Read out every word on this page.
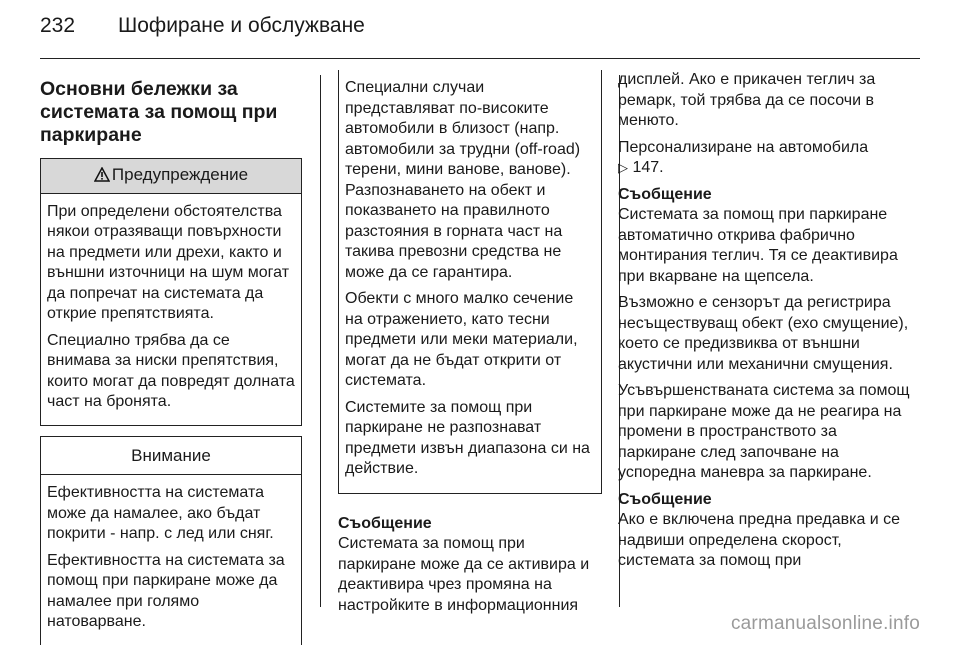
232 Шофиране и обслужване
Основни бележки за системата за помощ при паркиране
Предупреждение

При определени обстоятелства някои отразяващи повърхности на предмети или дрехи, както и външни източници на шум могат да попречат на системата да открие препятствията.

Специално трябва да се внимава за ниски препятствия, които могат да повредят долната част на бронята.

Внимание

Ефективността на системата може да намалее, ако бъдат покрити - напр. с лед или сняг.

Ефективността на системата за помощ при паркиране може да намалее при голямо натоварване.

Специални случаи представляват по-високите автомобили в близост (напр. автомобили за трудни (off-road) терени, мини ванове, ванове). Разпознаването на обект и показването на правилното разстояния в горната част на такива превозни средства не може да се гарантира.

Обекти с много малко сечение на отражението, като тесни предмети или меки материали, могат да не бъдат открити от системата.

Системите за помощ при паркиране не разпознават предмети извън диапазона си на действие.

Съобщение

Системата за помощ при паркиране може да се активира и деактивира чрез промяна на настройките в информационния

дисплей. Ако е прикачен теглич за ремарк, той трябва да се посочи в менюто.

Персонализиране на автомобила
▷ 147.

Съобщение

Системата за помощ при паркиране автоматично открива фабрично монтирания теглич. Тя се деактивира при вкарване на щепсела.

Възможно е сензорът да регистрира несъществуващ обект (ехо смущение), което се предизвиква от външни акустични или механични смущения.

Усъвършенстваната система за помощ при паркиране може да не реагира на промени в пространството за паркиране след започване на успоредна маневра за паркиране.

Съобщение

Ако е включена предна предавка и се надвиши определена скорост, системата за помощ при

carmanualsonline.info
